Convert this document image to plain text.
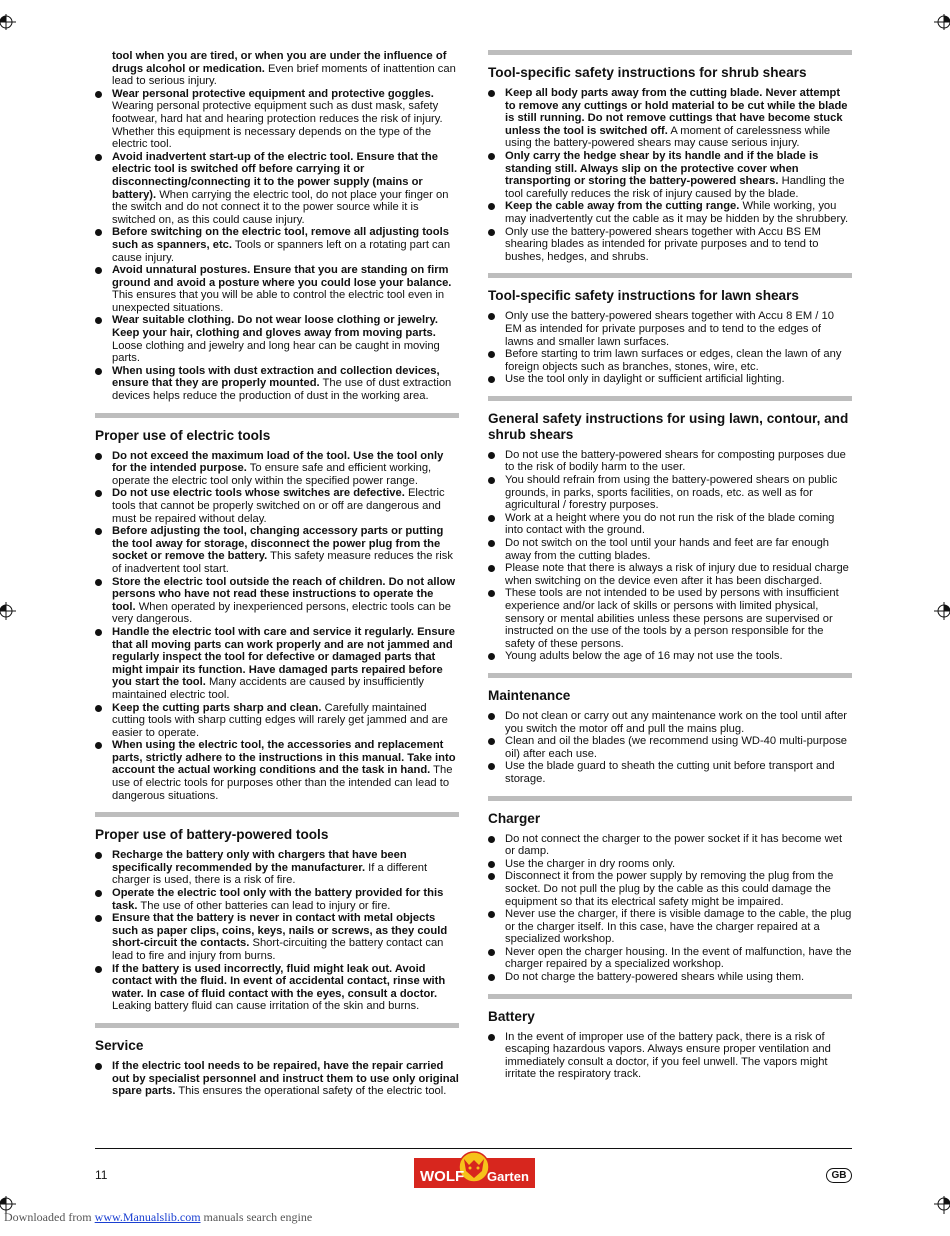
tool when you are tired, or when you are under the influence of drugs alcohol or medication. Even brief moments of inattention can lead to serious injury.
Wear personal protective equipment and protective goggles. Wearing personal protective equipment such as dust mask, safety footwear, hard hat and hearing protection reduces the risk of injury. Whether this equipment is necessary depends on the type of the electric tool.
Avoid inadvertent start-up of the electric tool. Ensure that the electric tool is switched off before carrying it or disconnecting/connecting it to the power supply (mains or battery). When carrying the electric tool, do not place your finger on the switch and do not connect it to the power source while it is switched on, as this could cause injury.
Before switching on the electric tool, remove all adjusting tools such as spanners, etc. Tools or spanners left on a rotating part can cause injury.
Avoid unnatural postures. Ensure that you are standing on firm ground and avoid a posture where you could lose your balance. This ensures that you will be able to control the electric tool even in unexpected situations.
Wear suitable clothing. Do not wear loose clothing or jewelry. Keep your hair, clothing and gloves away from moving parts. Loose clothing and jewelry and long hear can be caught in moving parts.
When using tools with dust extraction and collection devices, ensure that they are properly mounted. The use of dust extraction devices helps reduce the production of dust in the working area.
Proper use of electric tools
Do not exceed the maximum load of the tool. Use the tool only for the intended purpose. To ensure safe and efficient working, operate the electric tool only within the specified power range.
Do not use electric tools whose switches are defective. Electric tools that cannot be properly switched on or off are dangerous and must be repaired without delay.
Before adjusting the tool, changing accessory parts or putting the tool away for storage, disconnect the power plug from the socket or remove the battery. This safety measure reduces the risk of inadvertent tool start.
Store the electric tool outside the reach of children. Do not allow persons who have not read these instructions to operate the tool. When operated by inexperienced persons, electric tools can be very dangerous.
Handle the electric tool with care and service it regularly. Ensure that all moving parts can work properly and are not jammed and regularly inspect the tool for defective or damaged parts that might impair its function. Have damaged parts repaired before you start the tool. Many accidents are caused by insufficiently maintained electric tool.
Keep the cutting parts sharp and clean. Carefully maintained cutting tools with sharp cutting edges will rarely get jammed and are easier to operate.
When using the electric tool, the accessories and replacement parts, strictly adhere to the instructions in this manual. Take into account the actual working conditions and the task in hand. The use of electric tools for purposes other than the intended can lead to dangerous situations.
Proper use of battery-powered tools
Recharge the battery only with chargers that have been specifically recommended by the manufacturer. If a different charger is used, there is a risk of fire.
Operate the electric tool only with the battery provided for this task. The use of other batteries can lead to injury or fire.
Ensure that the battery is never in contact with metal objects such as paper clips, coins, keys, nails or screws, as they could short-circuit the contacts. Short-circuiting the battery contact can lead to fire and injury from burns.
If the battery is used incorrectly, fluid might leak out. Avoid contact with the fluid. In event of accidental contact, rinse with water. In case of fluid contact with the eyes, consult a doctor. Leaking battery fluid can cause irritation of the skin and burns.
Service
If the electric tool needs to be repaired, have the repair carried out by specialist personnel and instruct them to use only original spare parts. This ensures the operational safety of the electric tool.
Tool-specific safety instructions for shrub shears
Keep all body parts away from the cutting blade. Never attempt to remove any cuttings or hold material to be cut while the blade is still running. Do not remove cuttings that have become stuck unless the tool is switched off. A moment of carelessness while using the battery-powered shears may cause serious injury.
Only carry the hedge shear by its handle and if the blade is standing still. Always slip on the protective cover when transporting or storing the battery-powered shears. Handling the tool carefully reduces the risk of injury caused by the blade.
Keep the cable away from the cutting range. While working, you may inadvertently cut the cable as it may be hidden by the shrubbery.
Only use the battery-powered shears together with Accu BS EM shearing blades as intended for private purposes and to tend to bushes, hedges, and shrubs.
Tool-specific safety instructions for lawn shears
Only use the battery-powered shears together with Accu 8 EM / 10 EM as intended for private purposes and to tend to the edges of lawns and smaller lawn surfaces.
Before starting to trim lawn surfaces or edges, clean the lawn of any foreign objects such as branches, stones, wire, etc.
Use the tool only in daylight or sufficient artificial lighting.
General safety instructions for using lawn, contour, and shrub shears
Do not use the battery-powered shears for composting purposes due to the risk of bodily harm to the user.
You should refrain from using the battery-powered shears on public grounds, in parks, sports facilities, on roads, etc. as well as for agricultural / forestry purposes.
Work at a height where you do not run the risk of the blade coming into contact with the ground.
Do not switch on the tool until your hands and feet are far enough away from the cutting blades.
Please note that there is always a risk of injury due to residual charge when switching on the device even after it has been discharged.
These tools are not intended to be used by persons with insufficient experience and/or lack of skills or persons with limited physical, sensory or mental abilities unless these persons are supervised or instructed on the use of the tools by a person responsible for the safety of these persons.
Young adults below the age of 16 may not use the tools.
Maintenance
Do not clean or carry out any maintenance work on the tool until after you switch the motor off and pull the mains plug.
Clean and oil the blades (we recommend using WD-40 multi-purpose oil) after each use.
Use the blade guard to sheath the cutting unit before transport and storage.
Charger
Do not connect the charger to the power socket if it has become wet or damp.
Use the charger in dry rooms only.
Disconnect it from the power supply by removing the plug from the socket. Do not pull the plug by the cable as this could damage the equipment so that its electrical safety might be impaired.
Never use the charger, if there is visible damage to the cable, the plug or the charger itself. In this case, have the charger repaired at a specialized workshop.
Never open the charger housing. In the event of malfunction, have the charger repaired by a specialized workshop.
Do not charge the battery-powered shears while using them.
Battery
In the event of improper use of the battery pack, there is a risk of escaping hazardous vapors. Always ensure proper ventilation and immediately consult a doctor, if you feel unwell. The vapors might irritate the respiratory track.
11	WOLF Garten	GB
Downloaded from www.Manualslib.com manuals search engine
